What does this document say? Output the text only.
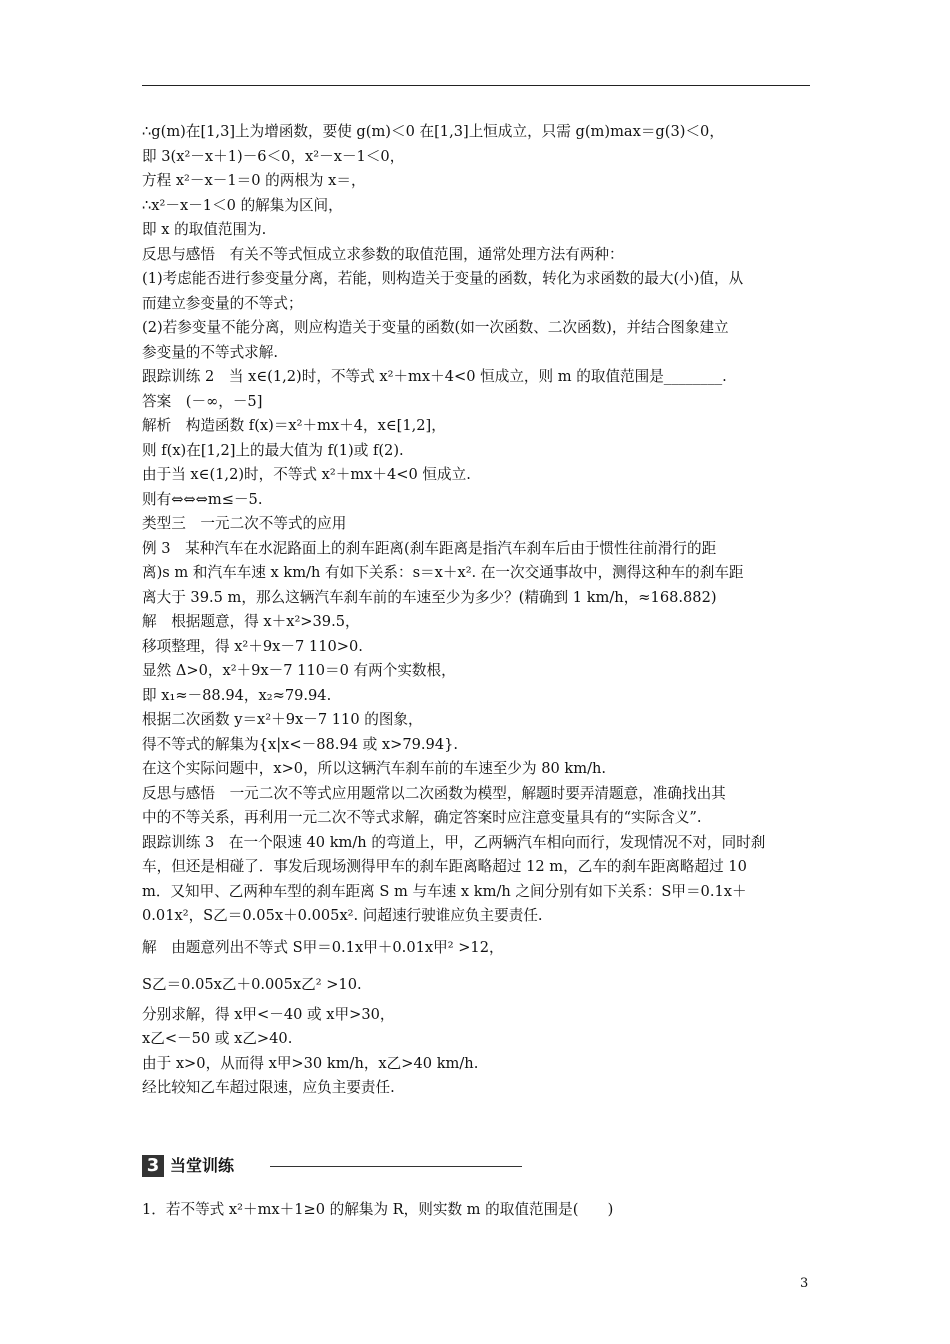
∴g(m)在[1,3]上为增函数，要使 g(m)＜0 在[1,3]上恒成立，只需 g(m)max＝g(3)＜0，
即 3(x²－x＋1)－6＜0，x²－x－1＜0，
方程 x²－x－1＝0 的两根为 x＝，
∴x²－x－1＜0 的解集为区间，
即 x 的取值范围为.
反思与感悟　有关不等式恒成立求参数的取值范围，通常处理方法有两种：
(1)考虑能否进行参变量分离，若能，则构造关于变量的函数，转化为求函数的最大(小)值，从
而建立参变量的不等式；
(2)若参变量不能分离，则应构造关于变量的函数(如一次函数、二次函数)，并结合图象建立
参变量的不等式求解.
跟踪训练 2　当 x∈(1,2)时，不等式 x²＋mx＋4<0 恒成立，则 m 的取值范围是________.
答案　(－∞，－5]
解析　构造函数 f(x)＝x²＋mx＋4，x∈[1,2]，
则 f(x)在[1,2]上的最大值为 f(1)或 f(2).
由于当 x∈(1,2)时，不等式 x²＋mx＋4<0 恒成立.
则有⇔⇔⇔m≤－5.
类型三　一元二次不等式的应用
例 3　某种汽车在水泥路面上的刹车距离(刹车距离是指汽车刹车后由于惯性往前滑行的距
离)s m 和汽车车速 x km/h 有如下关系：s＝x＋x². 在一次交通事故中，测得这种车的刹车距
离大于 39.5 m，那么这辆汽车刹车前的车速至少为多少？(精确到 1 km/h，≈168.882)
解　根据题意，得 x＋x²>39.5，
移项整理，得 x²＋9x－7 110>0.
显然 Δ>0，x²＋9x－7 110＝0 有两个实数根，
即 x₁≈－88.94，x₂≈79.94.
根据二次函数 y＝x²＋9x－7 110 的图象，
得不等式的解集为{x|x<－88.94 或 x>79.94}.
在这个实际问题中，x>0，所以这辆汽车刹车前的车速至少为 80 km/h.
反思与感悟　一元二次不等式应用题常以二次函数为模型，解题时要弄清题意，准确找出其
中的不等关系，再利用一元二次不等式求解，确定答案时应注意变量具有的“实际含义”.
跟踪训练 3　在一个限速 40 km/h 的弯道上，甲，乙两辆汽车相向而行，发现情况不对，同时刹
车，但还是相碰了．事发后现场测得甲车的刹车距离略超过 12 m，乙车的刹车距离略超过 10
m．又知甲、乙两种车型的刹车距离 S m 与车速 x km/h 之间分别有如下关系：S甲＝0.1x＋
0.01x²，S乙＝0.05x＋0.005x². 问超速行驶谁应负主要责任.
解　由题意列出不等式 S甲＝0.1x甲＋0.01x甲² >12，
S乙＝0.05x乙＋0.005x乙² >10.
分别求解，得 x甲<－40 或 x甲>30，
x乙<－50 或 x乙>40.
由于 x>0，从而得 x甲>30 km/h，x乙>40 km/h.
经比较知乙车超过限速，应负主要责任.
3 当堂训练
1．若不等式 x²＋mx＋1≥0 的解集为 R，则实数 m 的取值范围是(　　)
3
